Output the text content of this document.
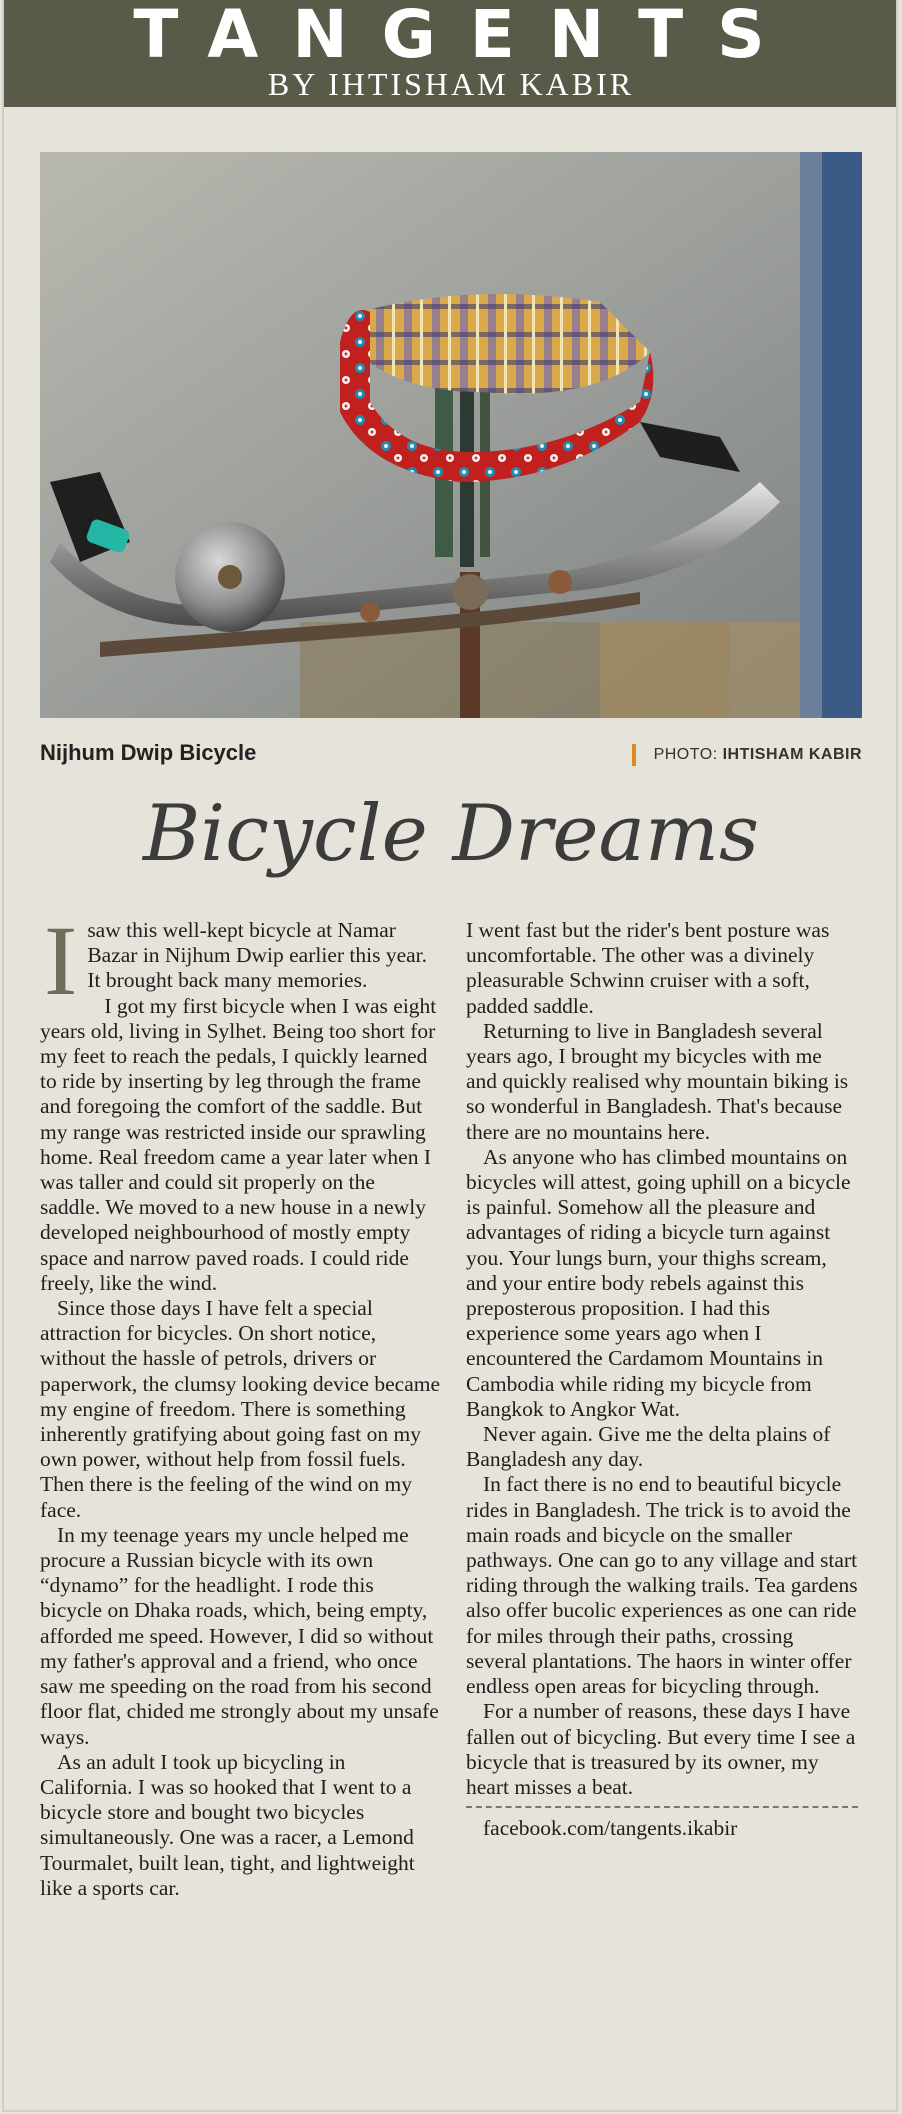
TANGENTS
BY IHTISHAM KABIR
Nijhum Dwip Bicycle	PHOTO: IHTISHAM KABIR
Bicycle Dreams

Isaw this well-kept bicycle at Namar Bazar in Nijhum Dwip earlier this year. It brought back many memories.

I got my first bicycle when I was eight years old, living in Sylhet. Being too short for my feet to reach the pedals, I quickly learned to ride by inserting by leg through the frame and foregoing the comfort of the saddle. But my range was restricted inside our sprawling home. Real freedom came a year later when I was taller and could sit properly on the saddle. We moved to a new house in a newly developed neighbourhood of mostly empty space and narrow paved roads. I could ride freely, like the wind.

Since those days I have felt a special attraction for bicycles. On short notice, without the hassle of petrols, drivers or paperwork, the clumsy looking device became my engine of freedom. There is something inherently gratifying about going fast on my own power, without help from fossil fuels. Then there is the feeling of the wind on my face.

In my teenage years my uncle helped me procure a Russian bicycle with its own “dynamo” for the headlight. I rode this bicycle on Dhaka roads, which, being empty, afforded me speed. However, I did so without my father's approval and a friend, who once saw me speeding on the road from his second floor flat, chided me strongly about my unsafe ways.

As an adult I took up bicycling in California. I was so hooked that I went to a bicycle store and bought two bicycles simultaneously. One was a racer, a Lemond Tourmalet, built lean, tight, and lightweight like a sports car.

I went fast but the rider's bent posture was uncomfortable. The other was a divinely pleasurable Schwinn cruiser with a soft, padded saddle.

Returning to live in Bangladesh several years ago, I brought my bicycles with me and quickly realised why mountain biking is so wonderful in Bangladesh. That's because there are no mountains here.

As anyone who has climbed mountains on bicycles will attest, going uphill on a bicycle is painful. Somehow all the pleasure and advantages of riding a bicycle turn against you. Your lungs burn, your thighs scream, and your entire body rebels against this preposterous proposition. I had this experience some years ago when I encountered the Cardamom Mountains in Cambodia while riding my bicycle from Bangkok to Angkor Wat.

Never again. Give me the delta plains of Bangladesh any day.

In fact there is no end to beautiful bicycle rides in Bangladesh. The trick is to avoid the main roads and bicycle on the smaller pathways. One can go to any village and start riding through the walking trails. Tea gardens also offer bucolic experiences as one can ride for miles through their paths, crossing several plantations. The haors in winter offer endless open areas for bicycling through.

For a number of reasons, these days I have fallen out of bicycling. But every time I see a bicycle that is treasured by its owner, my heart misses a beat.

facebook.com/tangents.ikabir
